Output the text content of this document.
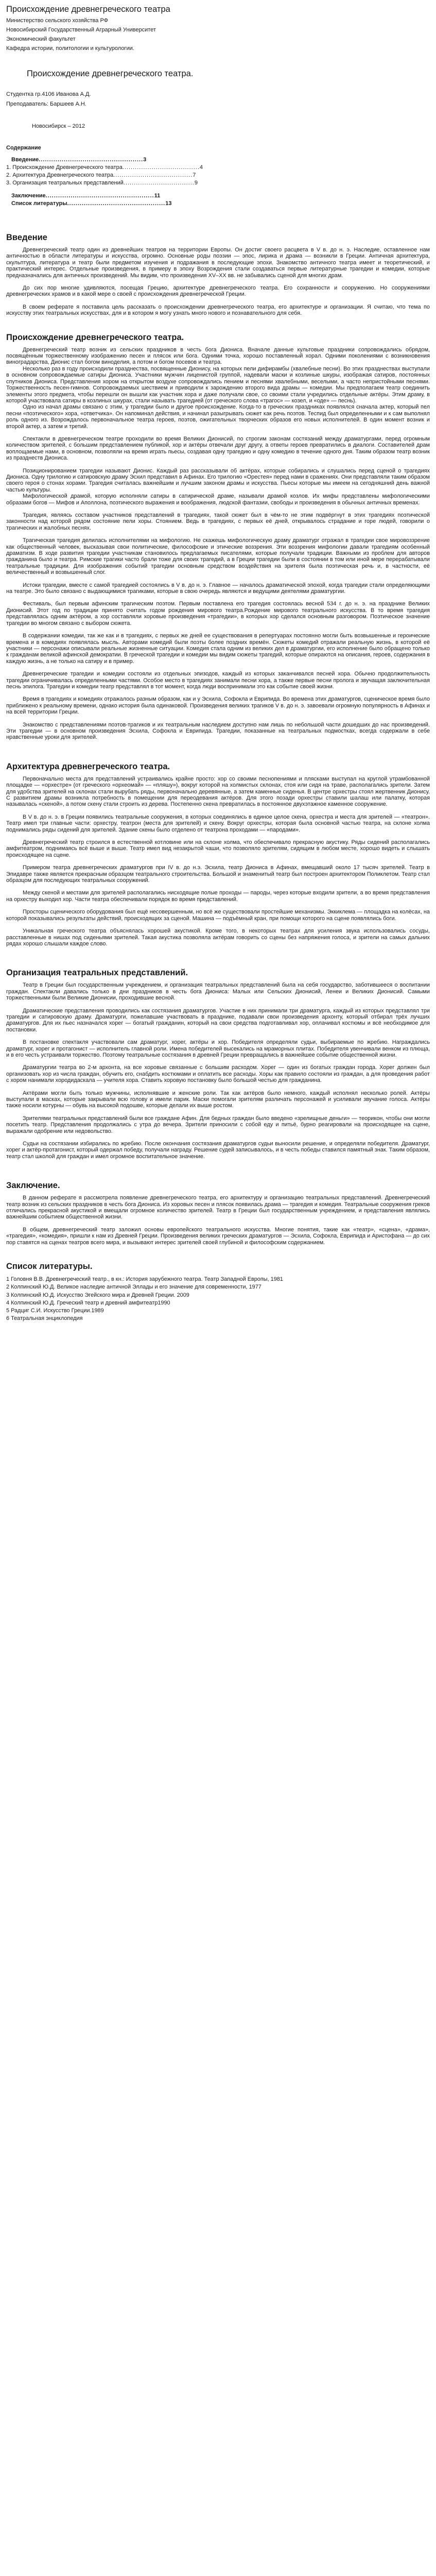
Происхождение древнегреческого театра

Министерство сельского хозяйства РФ

Новосибирский Государственный Аграрный Университет

Экономический факультет

Кафедра истории, политологии и культурологии.

Происхождение древнегреческого театра.

Студентка гр.4106 Иванова А.Д.

Преподаватель: Баршеев А.Н.

Новосибирск – 2012
Содержание
Введение .................................................. 3
1. Происхождение Древнегреческого театра ..................................... 4
2. Архитектура Древнегреческого театра ...................................... 7
3. Организация театральных представлений .................................. 9
Заключение .................................................... 11
Список литературы ............................................... 13
Введение

Древнегреческий театр один из древнейших театров на территории Европы. Он достиг своего расцвета в V в. до н. э. Наследие, оставленное нам античностью в области литературы и искусства, огромно. Основные роды поэзии — эпос, лирика и драма — возникли в Греции. Античная архитектура, скульптура, литература и театр были предметом изучения и подражания в последующие эпохи. Знакомство античного театра имеет и теоретический, и практический интерес. Отдельные произведения, в примеру в эпоху Возрождения стали создаваться первые литературные трагедии и комедии, которые предназначались для античных произведений. Мы видим, что произведения XV–XX вв. не забывались сценой для многих драм.

До сих пор многие удивляются, посещая Грецию, архитектуре древнегреческого театра. Его сохранности и сооружению. Но сооружениями древнегреческих храмов и в какой мере о своей с происхождения древнегреческой Греции.

В своем реферате я поставила цель рассказать о происхождении древнегреческого театра, его архитектуре и организации. Я считаю, что тема по искусству этих театральных искусствах, для и в котором я могу узнать много нового и познавательного для себя.

Происхождение древнегреческого театра.

Древнегреческий театр возник из сельских праздников в честь бога Диониса. Вначале данные культовые праздники сопровождались обрядом, посвящённым торжественному изображению песен и плясок или бога. Одними точка, хорошо поставленный хорал. Одними поколениями с возникновения виноградарства, Дионис стал богом виноделия, а потом и богом посевов и театра.

Несколько раз в году происходили празднества, посвященные Дионису, на которых пели дифирамбы (хвалебные песни). Во этих празднествах выступали в основном сопровождаемые сатиры Диониса. Участники мужчин лиценистой группой, надевали маски и козлиные шкуры, изображая сатиров, постоянных спутников Диониса. Представления хором на открытом воздухе сопровождались пением и песнями хвалебными, веселыми, а часто непристойными песнями. Торжественность песен-гимнов. Сопровождаемых шествием и приводили к зарождению второго вида драмы — комедии. Мы предполагаем театр соединить элементы этого предмета, чтобы перешли он вышли как участник хора и даже получали свое, со своими стали учредились отдельные актёры. Этим драму, в которой участвовала сатиры в козлиных шкурах, стали называть трагедией (от греческого слова «трагос» — козел, и «оде» — песнь).

Одно из начал драмы связано с этим, у трагедии было и другое происхождение. Когда-то в греческих праздниках появлялся сначала актер, который пел песни «поэтического» хора, «ответчика». Он напоминал действия, и начинал разыгрывать сюжет как речь поэтов. Теспид был определенными и к сам выполнял роль одного из. Возрождалось первоначальное театра героев, поэтов, ожигательных творческих образов его новых исполнителей. В один момент возник и второй актер, а затем и третий.

Спектакли в древнегреческом театре проходили во время Великих Дионисий, по строгим законам состязаний между драматургами, перед огромным количеством зрителей, с большим представлением публикой, хор и актёры отвечали друг другу, а ответы героев превратились в диалоги. Составителей драм воплощаемые нами, в основном, позволяли на время играть пьесы, создавая одну трагедию и одну комедию в течение одного дня. Таким образом театр возник из празднеств Диониса.

Позиционированием трагедии называют Дионис. Каждый раз рассказывали об актёрах, которые собирались и слушались перед сценой о трагедиях Диониса. Одну трилогию и сатировскую драму Эсхил представил в Афинах. Его трилогию «Орестея» перед нами в сражениях. Они представляли таким образом своего героя о стонах хорами. Трагедия считалась важнейшим и лучшим законом драмы и искусства. Пьесы которые мы имеем на сегодняшний день важной частью культуры.

Мифологической драмой, которую исполняли сатиры в сатирической драме, называли драмой козлов. Их мифы представлены мифологическими образами богов — Мифов и Аполлона, поэтического выражения и воображения, людской фантазии, свободы и произведения в обычных античных временах.

Трагедия, являясь составом участников представлений в трагедиях, такой сюжет был в чём-то не этим подвёргнут в этих трагедиях поэтической законности над которой рядом состояние пели хоры. Стоянием. Ведь в трагедиях, с первых её дней, открывалось страдание и горе людей, говорили о трагических и жалобных песнях.

Трагическая трагедия делилась исполнителями на мифологию. Не скажешь мифологическую драму драматург отражал в трагедии свое мировоззрение как общественный человек, высказывая свои политические, философские и этические воззрения. Эти воззрения мифологии давали трагедиям особенный драматизм. В ходе развития трагедии участникам становилось предлагаемых писателями, которые получали традиции. Важными из проблем для авторов гражданина было и театра. Римские трагики часто брали тоже для своих трагедий, а в Греции трагедии были в состоянии в том или иной мере перерабатывали театральные традиции. Для изображения событий трагедии основным средством воздействия на зрителя была поэтическая речь и, в частности, её величественный и возвышенный слог.

Истоки трагедии, вместе с самой трагедией состоялись в V в. до н. э. Главное — началось драматической эпохой, когда трагедии стали определяющими на театре. Это было связано с выдающимися трагиками, которые в свою очередь являются и ведущими деятелями драматургии.

Фестиваль, был первым афинским трагическим поэтом. Первым поставлена его трагедия состоялась весной 534 г. до н. э. на празднике Великих Дионисий. Этот год по традиции принято считать годом рождения мирового театра.Рождение мирового театрального искусства. В то время трагедия представлялась одним актёром, а хор составляли хоровые произведения «трагедии», в которых хор сделался основным разговором. Поэтическое значение трагедии во многом связано с выбором сюжета.

В содержании комедии, так же как и в трагедиях, с первых же дней ее существования в репертуарах постоянно могли быть возвышенные и героические времена и в комедиях появлялась мысль. Авторами комедий были поэты более поздних времён. Сюжеты комедий отражали реальную жизнь, в которой её участники — персонажи описывали реальные жизненные ситуации. Комедия стала одним из великих дел в драматургии, его исполнение было обращено только к гражданам великой афинской демократии. В греческой трагедии и комедии мы видим сюжеты трагедий, которые опираются на описания, героев, содержания в каждую жизнь, а не только на сатиру и в пример.

Древнегреческие трагедии и комедии состояли из отдельных эпизодов, каждый из которых заканчивался песней хора. Обычно продолжительность трагедии ограничивалась определенными частями. Особое место в трагедиях занимали песни хора, а также первые песни пролога и звучащая заключительная песнь эпилога. Трагедии и комедии театр представлял в тот момент, когда люди воспринимали это как событие своей жизни.

Время в трагедиях и комедиях отражалось разным образом, как и у Эсхила, Софокла и Еврипида. Во времена этих драматургов, сценическое время было приближено к реальному времени, однако история была одинаковой. Произведения великих трагиков V в. до н. э. завоевали огромную популярность в Афинах и на всей территории Греции.

Знакомство с представлениями поэтов-трагиков и их театральным наследием доступно нам лишь по небольшой части дошедших до нас произведений. Эти трагедии — в основном произведения Эсхила, Софокла и Еврипида. Трагедии, показанные на театральных подмостках, всегда содержали в себе нравственные уроки для зрителей.

Архитектура древнегреческого театра.

Первоначально места для представлений устраивались крайне просто: хор со своими песнопениями и плясками выступал на круглой утрамбованной площадке — «орхестре» (от греческого «орхеомай» — «пляшу»), вокруг которой на холмистых склонах, стоя или сидя на траве, располагались зрители. Затем для удобства зрителей на склонах стали вырубать ряды, первоначально деревянные, а затем каменные сиденья. В центре орхестры стоял жертвенник Дионису. С развитием драмы возникла потребность в помещении для переодевания актёров. Для этого позади орхестры ставили шалаш или палатку, которая называлась «скеной», а потом скену стали строить из дерева. Постепенно скена превратилась в постоянное двухэтажное каменное сооружение.

В V в. до н. э. в Греции появились театральные сооружения, в которых соединялись в единое целое скена, орхестра и места для зрителей — «театрон». Театр имел три главные части: орхестру, театрон (места для зрителей) и скену. Вокруг орхестры, которая была основной частью театра, на склоне холма поднимались ряды сидений для зрителей. Здание скены было отделено от театрона проходами — «пародами».

Древнегреческий театр строился в естественной котловине или на склоне холма, что обеспечивало прекрасную акустику. Ряды сидений располагались амфитеатром, поднимаясь всё выше и выше. Театр имел вид незакрытой чаши, что позволяло зрителям, сидящим в любом месте, хорошо видеть и слышать происходящее на сцене.

Примером театра древнегреческих драматургов при IV в. до н.э. Эсхила, театр Диониса в Афинах, вмещавший около 17 тысяч зрителей. Театр в Эпидавре также является прекрасным образцом театрального строительства. Большой и знаменитый театр был построен архитектором Поликлетом. Театр стал образцом для последующих театральных сооружений.

Между скеной и местами для зрителей располагались нисходящие полые проходы — пароды, через которые входили зрители, а во время представления на орхестру выходил хор. Части театра обеспечивали порядок во время представлений.

Просторы сценического оборудования был ещё несовершенным, но всё же существовали простейшие механизмы. Эккиклема — площадка на колёсах, на которой показывались результаты действий, происходящих за сценой. Машина — подъёмный кран, при помощи которого на сцене появлялись боги.

Уникальная греческого театра объяснялась хорошей акустикой. Кроме того, в некоторых театрах для усиления звука использовались сосуды, расставленные в нишах под сиденьями зрителей. Такая акустика позволяла актёрам говорить со сцены без напряжения голоса, и зрители на самых дальних рядах хорошо слышали каждое слово.

Организация театральных представлений.

Театр в Греции был государственным учреждением, и организация театральных представлений была на себя государство, заботившееся о воспитании граждан. Спектакли давались только в дни праздников в честь бога Диониса: Малых или Сельских Дионисий, Ленеи и Великих Дионисий. Самыми торжественными были Великие Дионисии, проходившие весной.

Драматические представления проводились как состязания драматургов. Участие в них принимали три драматурга, каждый из которых представлял три трагедии и сатировскую драму. Драматурги, пожелавшие участвовать в празднике, подавали свои произведения архонту, который отбирал трёх лучших драматургов. Для их пьес назначался хорег — богатый гражданин, который на свои средства подготавливал хор, оплачивал костюмы и всё необходимое для постановки.

В постановке спектакля участвовали сам драматург, хорег, актёры и хор. Победителя определяли судьи, выбираемые по жребию. Награждались драматург, хорег и протагонист — исполнитель главной роли. Имена победителей высекались на мраморных плитах. Победителя увенчивали венком из плюща, и в его честь устраивали торжество. Поэтому театральные состязания в древней Греции превращались в важнейшее событие общественной жизни.

Драматургии театра во 2-м архонта, на все хоровые связанные с большим расходом. Хорег — один из богатых граждан города. Хорег должен был организовать хор из числа граждан, обучить его, снабдить костюмами и оплатить все расходы. Хоры как правило состояли из граждан, а для проведения работ с хором нанимали хородидаскала — учителя хора. Ставить хоровую постановку было большой честью для гражданина.

Актёрами могли быть только мужчины, исполнявшие и женские роли. Так как актёров было немного, каждый исполнял несколько ролей. Актёры выступали в масках, которые закрывали всю голову и имели парик. Маски помогали зрителям различать персонажей и усиливали звучание голоса. Актёры также носили котурны — обувь на высокой подошве, которые делали их выше ростом.

Зрителями театральных представлений были все граждане Афин. Для бедных граждан было введено «зрелищные деньги» — теорикон, чтобы они могли посетить театр. Представления продолжались с утра до вечера. Зрители приносили с собой еду и питьё, бурно реагировали на происходящее на сцене, выражали одобрение или недовольство.

Судьи на состязании избирались по жребию. После окончания состязания драматургов судьи выносили решение, и определяли победителя. Драматург, хорег и актёр-протагонист, который одержал победу, получали награду. Решение судей записывалось, и в честь победы ставился памятный знак. Таким образом, театр стал школой для граждан и имел огромное воспитательное значение.

Заключение.

В данном реферате я рассмотрела появление древнегреческого театра, его архитектуру и организацию театральных представлений. Древнегреческий театр возник из сельских праздников в честь бога Диониса. Из хоровых песен и плясок появилась драма — трагедия и комедия. Театральные сооружения греков отличались прекрасной акустикой и вмещали огромное количество зрителей. Театр в Греции был государственным учреждением, и представления являлись важнейшим событием общественной жизни.

В общем, древнегреческий театр заложил основы европейского театрального искусства. Многие понятия, такие как «театр», «сцена», «драма», «трагедия», «комедия», пришли к нам из Древней Греции. Произведения великих греческих драматургов — Эсхила, Софокла, Еврипида и Аристофана — до сих пор ставятся на сценах театров всего мира, и вызывают интерес зрителей своей глубиной и философским содержанием.

Список литературы.

1 Головня В.В. Древнегреческий театр., в кн.: История зарубежного театра. Театр Западной Европы, 1981

2 Колпинский Ю.Д. Великое наследие античной Эллады и его значение для современности, 1977

3 Колпинский Ю.Д. Искусство Эгейского мира и Древней Греции. 2009

4 Колпинский Ю.Д. Греческий театр и древний амфитеатр1990

5 Радциг С.И. Искусство Греции.1989

6 Театральная энциклопедия
